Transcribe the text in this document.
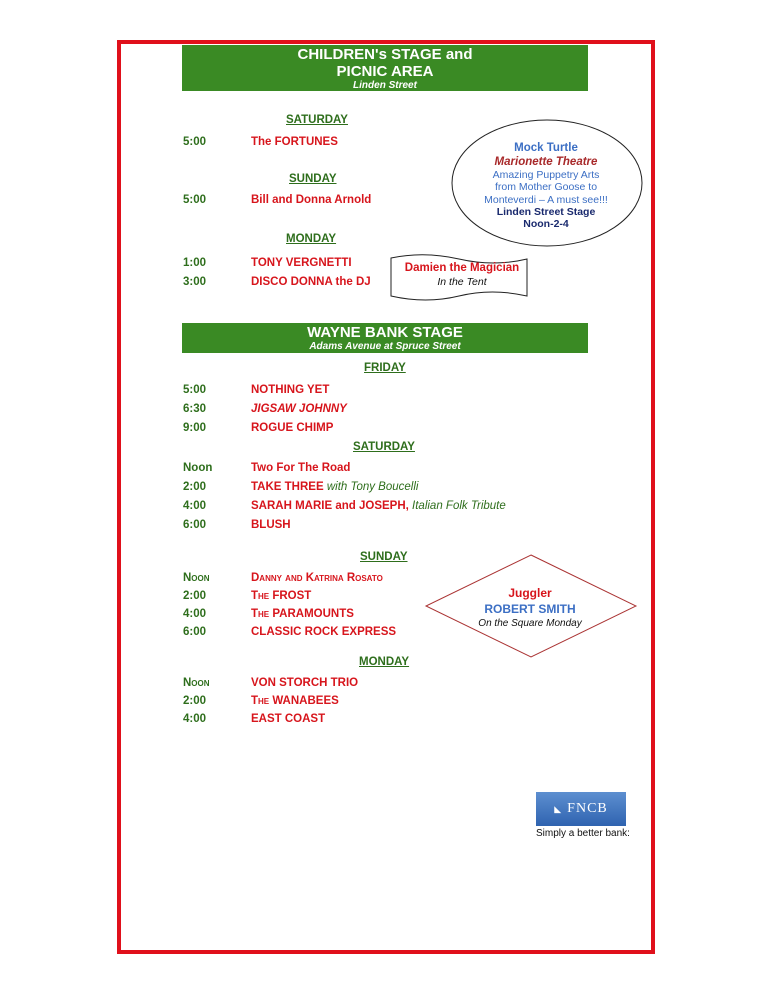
CHILDREN's STAGE and
PICNIC AREA
Linden Street
SATURDAY
5:00	The FORTUNES
SUNDAY
5:00	Bill and Donna Arnold
MONDAY
1:00	TONY VERGNETTI
3:00	DISCO DONNA the DJ
Mock Turtle
Marionette Theatre
Amazing Puppetry Arts
from Mother Goose to
Monteverdi – A must see!!!
Linden Street Stage
Noon-2-4
Damien the Magician
In the Tent
WAYNE BANK STAGE
Adams Avenue at Spruce Street
FRIDAY
5:00	NOTHING YET
6:30	JIGSAW JOHNNY
9:00	ROGUE CHIMP
SATURDAY
Noon	Two For The Road
2:00	TAKE THREE with Tony Boucelli
4:00	SARAH MARIE and JOSEPH, Italian Folk Tribute
6:00	BLUSH
SUNDAY
Noon	Danny and Katrina Rosato
2:00	The FROST
4:00	The PARAMOUNTS
6:00	CLASSIC ROCK EXPRESS
Juggler
ROBERT SMITH
On the Square Monday
MONDAY
Noon	VON STORCH TRIO
2:00	The WANABEES
4:00	EAST COAST
◣ FNCB
Simply a better bank:
